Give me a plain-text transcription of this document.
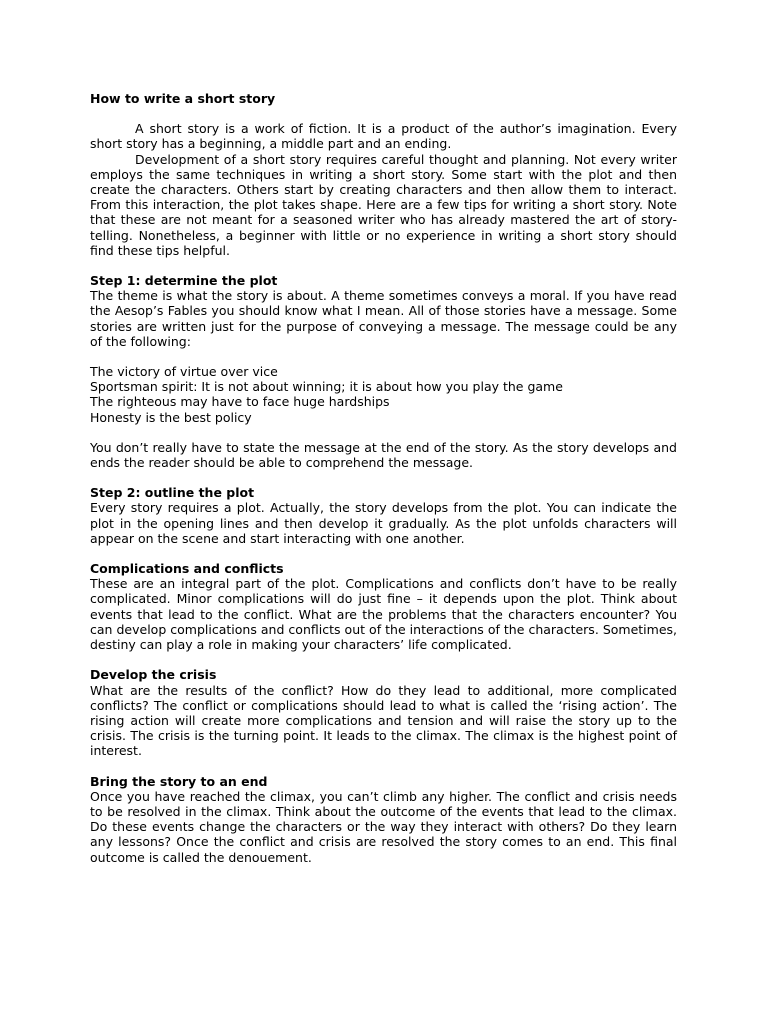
How to write a short story

A short story is a work of fiction. It is a product of the author’s imagination. Every short story has a beginning, a middle part and an ending.

Development of a short story requires careful thought and planning. Not every writer employs the same techniques in writing a short story. Some start with the plot and then create the characters. Others start by creating characters and then allow them to interact. From this interaction, the plot takes shape. Here are a few tips for writing a short story. Note that these are not meant for a seasoned writer who has already mastered the art of story-telling. Nonetheless, a beginner with little or no experience in writing a short story should find these tips helpful.

Step 1: determine the plot

The theme is what the story is about. A theme sometimes conveys a moral. If you have read the Aesop’s Fables you should know what I mean. All of those stories have a message. Some stories are written just for the purpose of conveying a message. The message could be any of the following:

The victory of virtue over vice
Sportsman spirit: It is not about winning; it is about how you play the game
The righteous may have to face huge hardships
Honesty is the best policy

You don’t really have to state the message at the end of the story. As the story develops and ends the reader should be able to comprehend the message.

Step 2: outline the plot

Every story requires a plot. Actually, the story develops from the plot. You can indicate the plot in the opening lines and then develop it gradually. As the plot unfolds characters will appear on the scene and start interacting with one another.

Complications and conflicts

These are an integral part of the plot. Complications and conflicts don’t have to be really complicated. Minor complications will do just fine – it depends upon the plot. Think about events that lead to the conflict. What are the problems that the characters encounter? You can develop complications and conflicts out of the interactions of the characters. Sometimes, destiny can play a role in making your characters’ life complicated.

Develop the crisis

What are the results of the conflict? How do they lead to additional, more complicated conflicts? The conflict or complications should lead to what is called the ‘rising action’. The rising action will create more complications and tension and will raise the story up to the crisis. The crisis is the turning point. It leads to the climax. The climax is the highest point of interest.

Bring the story to an end

Once you have reached the climax, you can’t climb any higher. The conflict and crisis needs to be resolved in the climax. Think about the outcome of the events that lead to the climax. Do these events change the characters or the way they interact with others? Do they learn any lessons? Once the conflict and crisis are resolved the story comes to an end. This final outcome is called the denouement.
